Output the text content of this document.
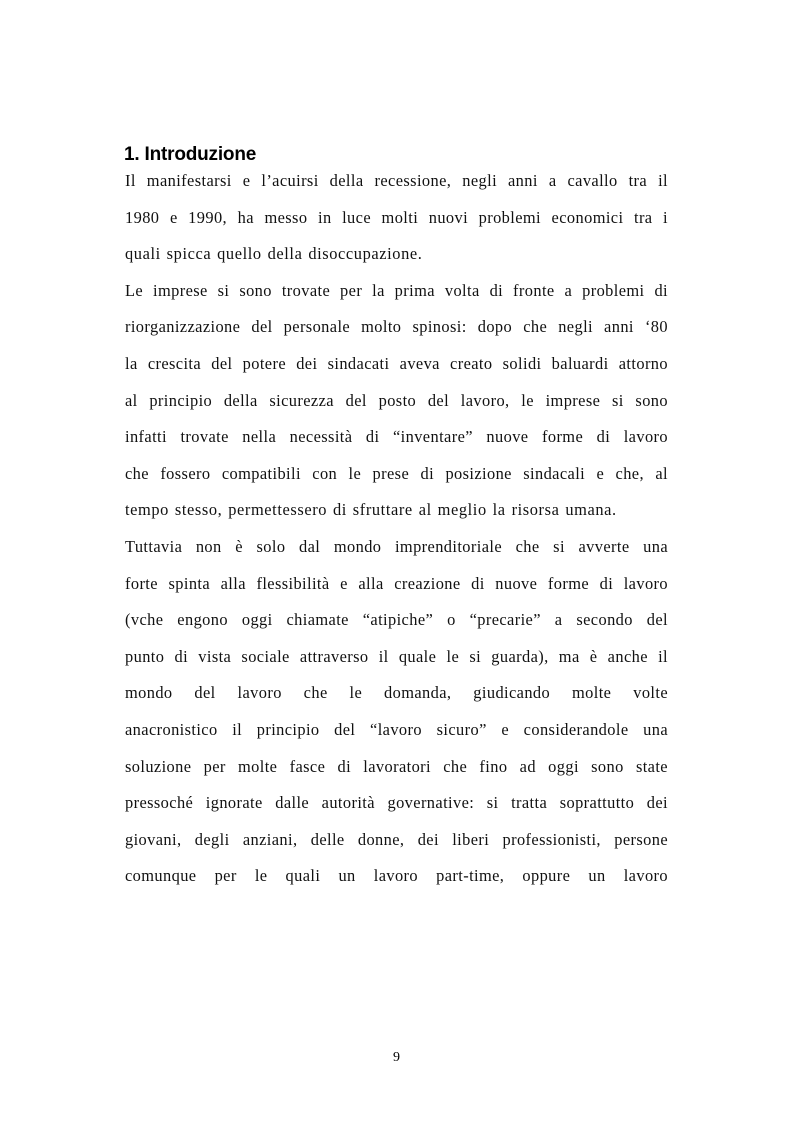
1. Introduzione
Il manifestarsi e l’acuirsi della recessione, negli anni a cavallo tra il
1980 e 1990, ha messo in luce molti nuovi problemi economici tra i
quali spicca quello della disoccupazione.
Le imprese si sono trovate per la prima volta di fronte a problemi di
riorganizzazione del personale molto spinosi: dopo che negli anni ‘80
la crescita del potere dei sindacati aveva creato solidi baluardi attorno
al principio della sicurezza del posto del lavoro, le imprese si sono
infatti trovate nella necessità di “inventare” nuove forme di lavoro
che fossero compatibili con le prese di posizione sindacali e che, al
tempo stesso, permettessero di sfruttare al meglio la risorsa umana.
Tuttavia non è solo dal mondo imprenditoriale che si avverte una
forte spinta alla flessibilità e alla creazione di nuove forme di lavoro
(vche engono oggi chiamate “atipiche” o “precarie” a secondo del
punto di vista sociale attraverso il quale le si guarda), ma è anche il
mondo del lavoro che le domanda, giudicando molte volte
anacronistico il principio del “lavoro sicuro” e considerandole una
soluzione per molte fasce di lavoratori che fino ad oggi sono state
pressoché ignorate dalle autorità governative: si tratta soprattutto dei
giovani, degli anziani, delle donne, dei liberi professionisti, persone
comunque per le quali un lavoro part-time, oppure un lavoro
9
